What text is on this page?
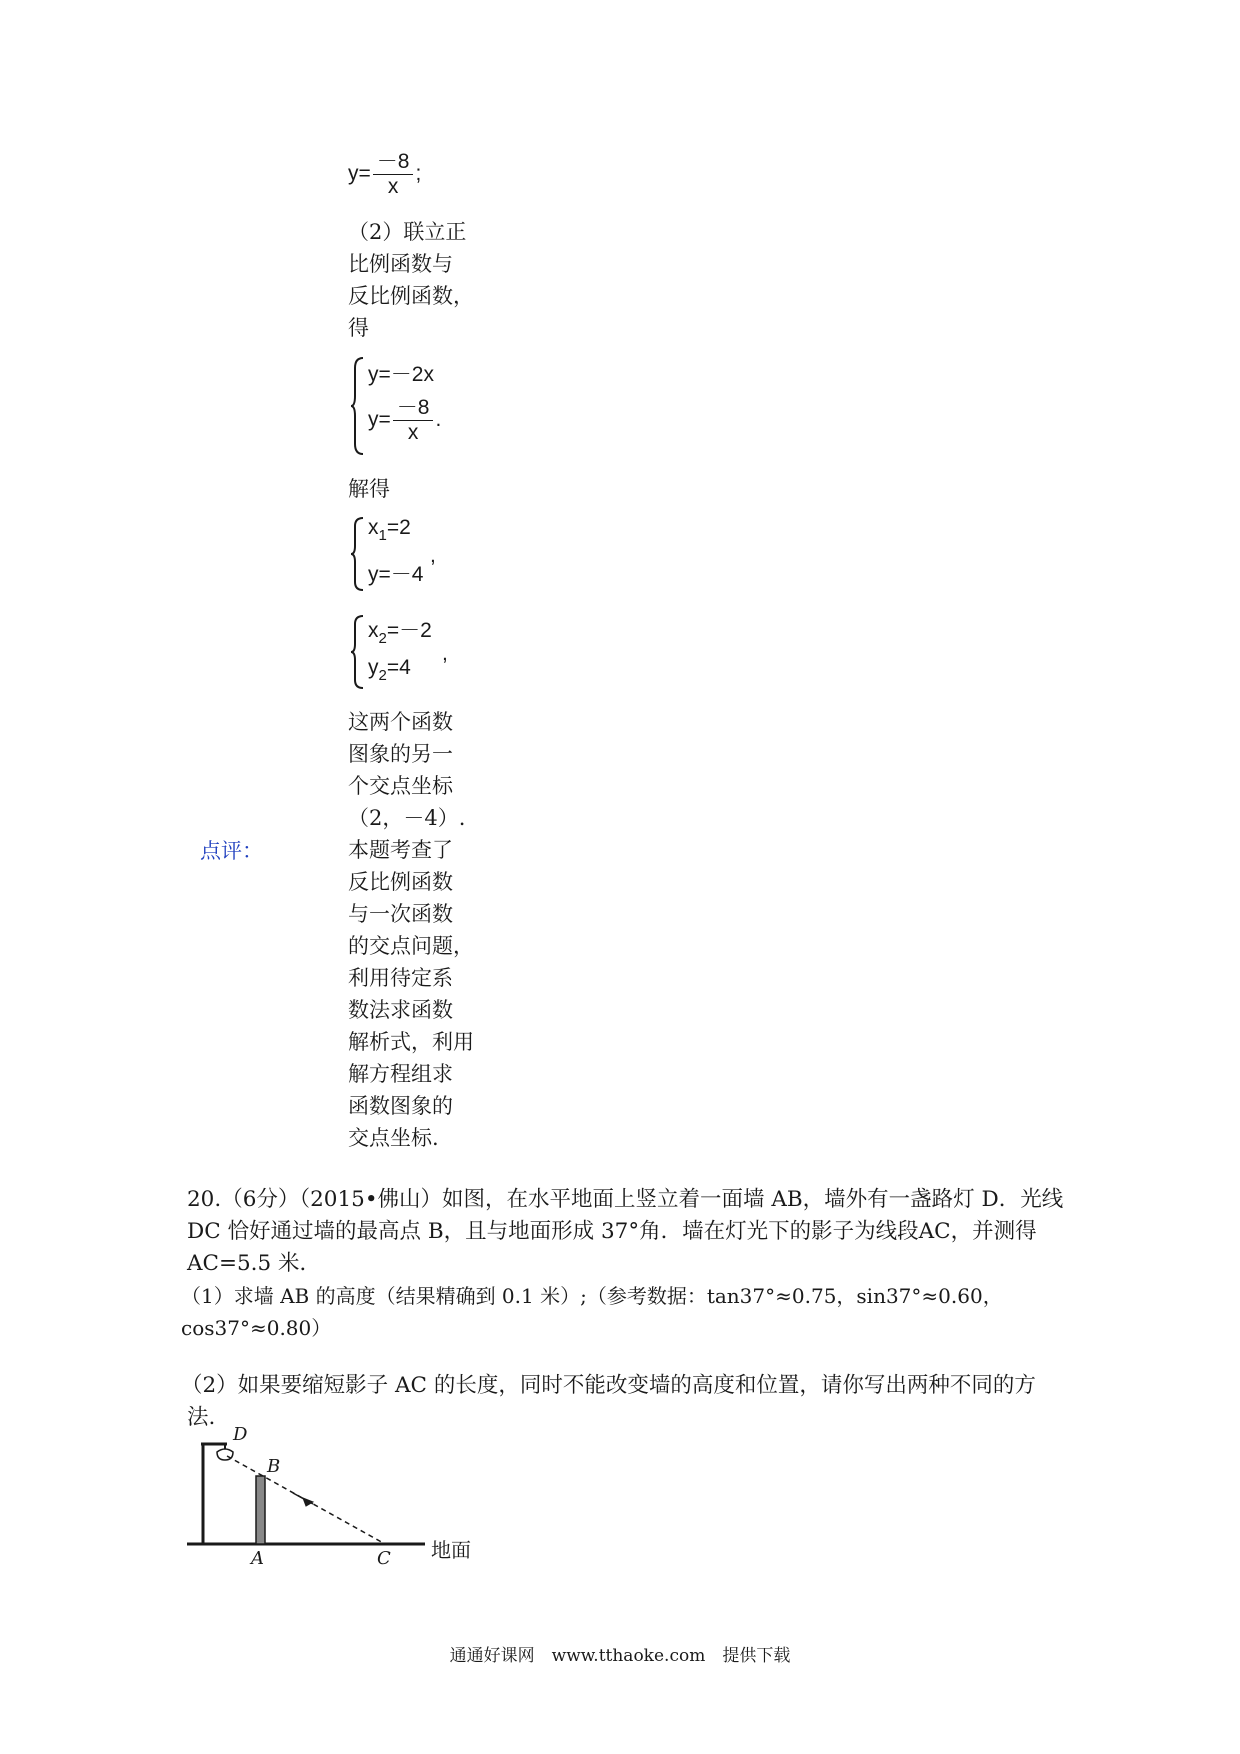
$y= \frac{-8}{x}$ ;
（2）联立正
比例函数与
反比例函数，
得
y=－2x
$y= \frac{-8}{x}$ .
解得
$x_1=2$
y=－4
,
$x_2=-2$
$y_2=4$
,
这两个函数
图象的另一
个交点坐标
（2，－4）.
点评：	本题考查了
反比例函数
与一次函数
的交点问题，
利用待定系
数法求函数
解析式，利用
解方程组求
函数图象的
交点坐标.
20.（6分）（2015•佛山）如图，在水平地面上竖立着一面墙 AB，墙外有一盏路灯 D．光线
DC 恰好通过墙的最高点 B，且与地面形成 37°角．墙在灯光下的影子为线段AC，并测得
AC=5.5 米．
（1）求墙 AB 的高度（结果精确到 0.1 米）;（参考数据：tan37°≈0.75，sin37°≈0.60，cos37°≈0.80）
（2）如果要缩短影子 AC 的长度，同时不能改变墙的高度和位置，请你写出两种不同的方
法.
D
B
A	C 地面
通通好课网　www.tthaoke.com　提供下载
